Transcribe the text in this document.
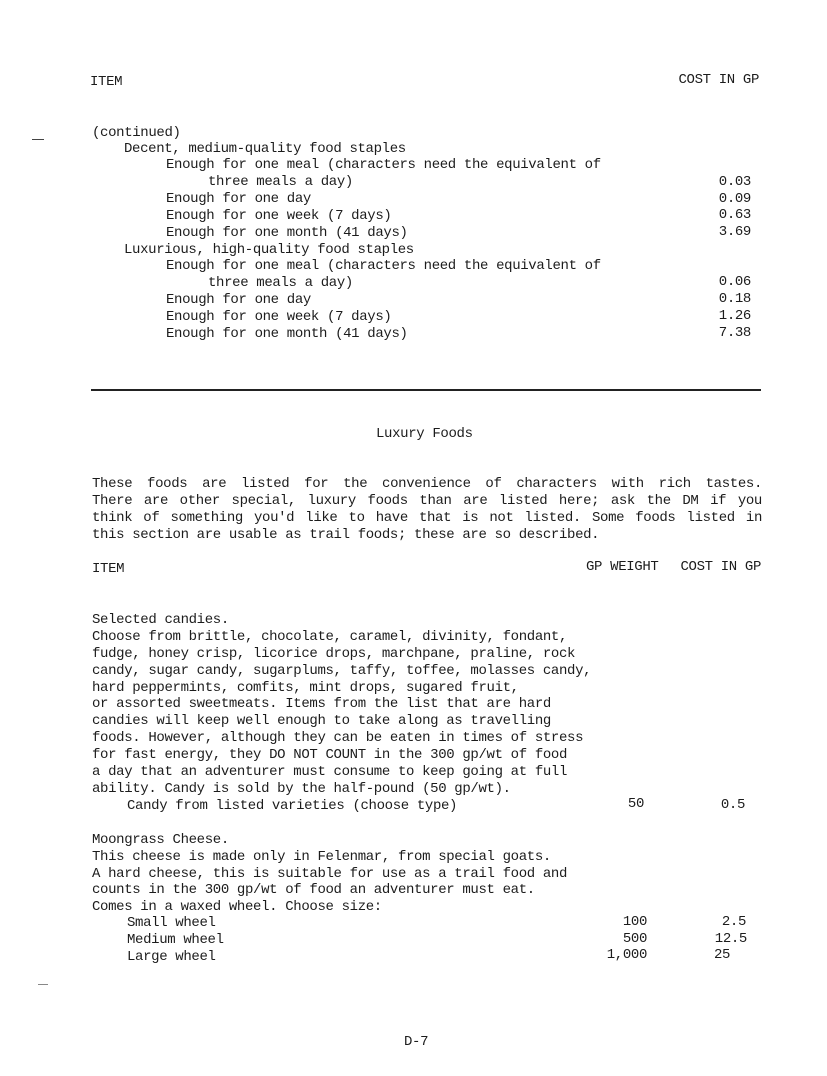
ITEM	COST IN GP
(continued)
Decent, medium-quality food staples
Enough for one meal (characters need the equivalent of
three meals a day)	0.03
Enough for one day	0.09
Enough for one week (7 days)	0.63
Enough for one month (41 days)	3.69
Luxurious, high-quality food staples
Enough for one meal (characters need the equivalent of
three meals a day)	0.06
Enough for one day	0.18
Enough for one week (7 days)	1.26
Enough for one month (41 days)	7.38
Luxury Foods
These foods are listed for the convenience of characters with rich tastes.
There are other special, luxury foods than are listed here; ask the DM if you
think of something you'd like to have that is not listed. Some foods listed in
this section are usable as trail foods; these are so described.
ITEM	GP WEIGHT COST IN GP
Selected candies.
Choose from brittle, chocolate, caramel, divinity, fondant,
fudge, honey crisp, licorice drops, marchpane, praline, rock
candy, sugar candy, sugarplums, taffy, toffee, molasses candy,
hard peppermints, comfits, mint drops, sugared fruit,
or assorted sweetmeats. Items from the list that are hard
candies will keep well enough to take along as travelling
foods. However, although they can be eaten in times of stress
for fast energy, they DO NOT COUNT in the 300 gp/wt of food
a day that an adventurer must consume to keep going at full
ability. Candy is sold by the half-pound (50 gp/wt).
Candy from listed varieties (choose type)	50	0.5
Moongrass Cheese.
This cheese is made only in Felenmar, from special goats.
A hard cheese, this is suitable for use as a trail food and
counts in the 300 gp/wt of food an adventurer must eat.
Comes in a waxed wheel. Choose size:
Small wheel	100	2.5
Medium wheel	500	12.5
Large wheel	1,000	25
D-7
